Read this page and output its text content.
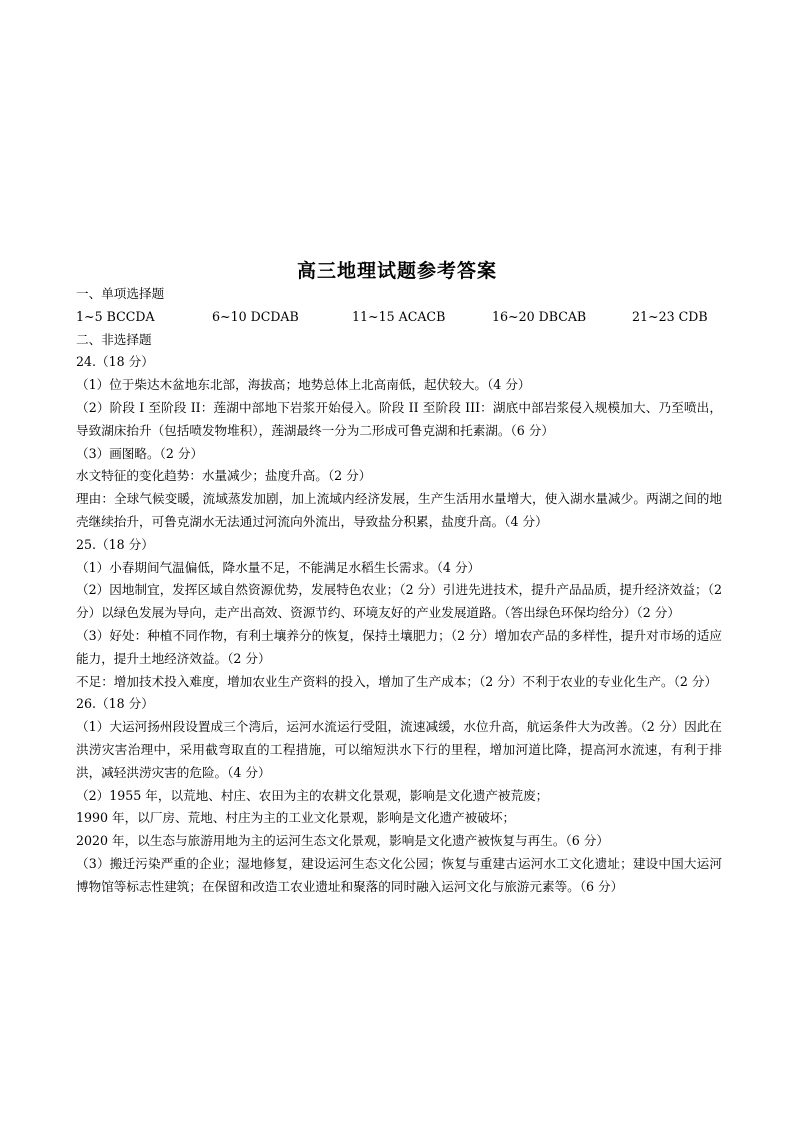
高三地理试题参考答案
一、单项选择题
1~5 BCCDA	6~10 DCDAB	11~15 ACACB	16~20 DBCAB	21~23 CDB
二、非选择题
24.（18 分）
（1）位于柴达木盆地东北部，海拔高；地势总体上北高南低，起伏较大。（4 分）
（2）阶段 I 至阶段 II：莲湖中部地下岩浆开始侵入。阶段 II 至阶段 III：湖底中部岩浆侵入规模加大、乃至喷出，导致湖床抬升（包括喷发物堆积），莲湖最终一分为二形成可鲁克湖和托素湖。（6 分）
（3）画图略。（2 分）
水文特征的变化趋势：水量减少；盐度升高。（2 分）
理由：全球气候变暖，流域蒸发加剧，加上流域内经济发展，生产生活用水量增大，使入湖水量减少。两湖之间的地壳继续抬升，可鲁克湖水无法通过河流向外流出，导致盐分积累，盐度升高。（4 分）
25.（18 分）
（1）小春期间气温偏低，降水量不足，不能满足水稻生长需求。（4 分）
（2）因地制宜，发挥区域自然资源优势，发展特色农业；（2 分）引进先进技术，提升产品品质，提升经济效益；（2 分）以绿色发展为导向，走产出高效、资源节约、环境友好的产业发展道路。（答出绿色环保均给分）（2 分）
（3）好处：种植不同作物，有利土壤养分的恢复，保持土壤肥力；（2 分）增加农产品的多样性，提升对市场的适应能力，提升土地经济效益。（2 分）
不足：增加技术投入难度，增加农业生产资料的投入，增加了生产成本；（2 分）不利于农业的专业化生产。（2 分）
26.（18 分）
（1）大运河扬州段设置成三个湾后，运河水流运行受阻，流速减缓，水位升高，航运条件大为改善。（2 分）因此在洪涝灾害治理中，采用截弯取直的工程措施，可以缩短洪水下行的里程，增加河道比降，提高河水流速，有利于排洪，减轻洪涝灾害的危险。（4 分）
（2）1955 年，以荒地、村庄、农田为主的农耕文化景观，影响是文化遗产被荒废；
1990 年，以厂房、荒地、村庄为主的工业文化景观，影响是文化遗产被破坏；
2020 年，以生态与旅游用地为主的运河生态文化景观，影响是文化遗产被恢复与再生。（6 分）
（3）搬迁污染严重的企业；湿地修复，建设运河生态文化公园；恢复与重建古运河水工文化遗址；建设中国大运河博物馆等标志性建筑；在保留和改造工农业遗址和聚落的同时融入运河文化与旅游元素等。（6 分）
